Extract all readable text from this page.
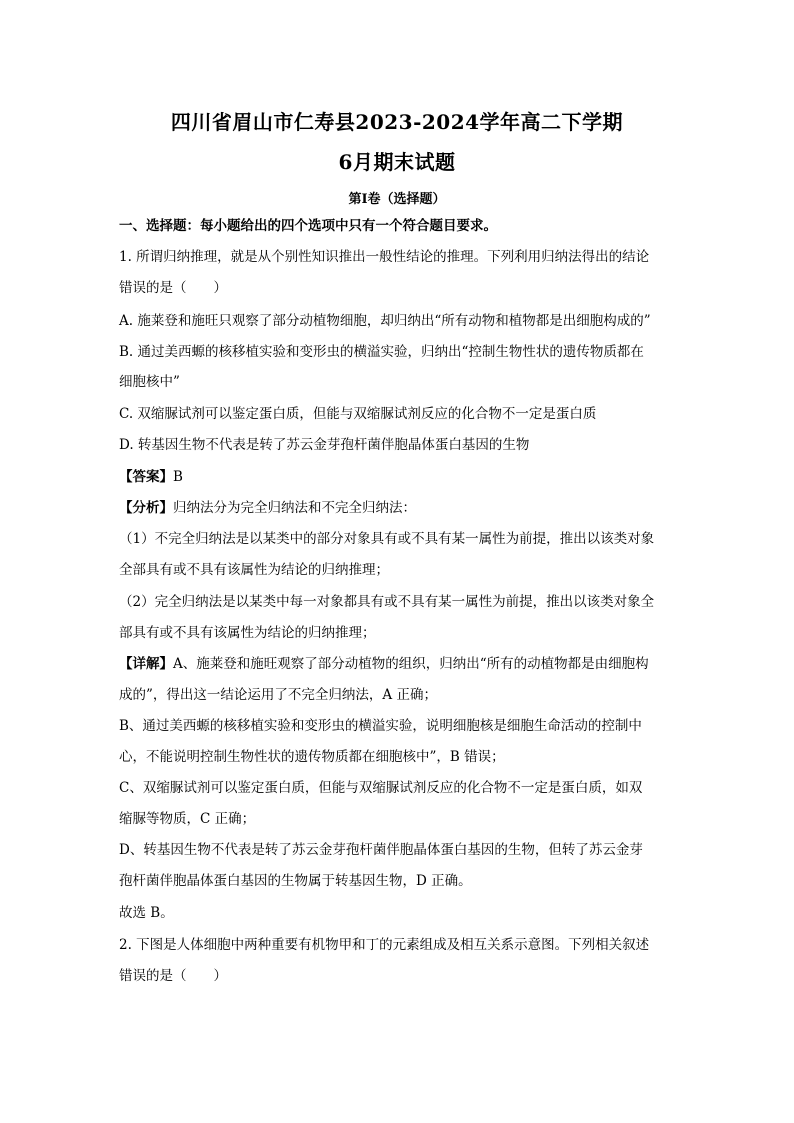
四川省眉山市仁寿县2023-2024学年高二下学期
6月期末试题
第Ⅰ卷（选择题）
一、选择题：每小题给出的四个选项中只有一个符合题目要求。
1. 所谓归纳推理，就是从个别性知识推出一般性结论的推理。下列利用归纳法得出的结论
错误的是（　　）
A. 施莱登和施旺只观察了部分动植物细胞，却归纳出“所有动物和植物都是出细胞构成的”
B. 通过美西螈的核移植实验和变形虫的横溢实验，归纳出“控制生物性状的遗传物质都在
细胞核中”
C. 双缩脲试剂可以鉴定蛋白质，但能与双缩脲试剂反应的化合物不一定是蛋白质
D. 转基因生物不代表是转了苏云金芽孢杆菌伴胞晶体蛋白基因的生物
【答案】B
【分析】归纳法分为完全归纳法和不完全归纳法：
（1）不完全归纳法是以某类中的部分对象具有或不具有某一属性为前提，推出以该类对象
全部具有或不具有该属性为结论的归纳推理；
（2）完全归纳法是以某类中每一对象都具有或不具有某一属性为前提，推出以该类对象全
部具有或不具有该属性为结论的归纳推理；
【详解】A、施莱登和施旺观察了部分动植物的组织，归纳出“所有的动植物都是由细胞构
成的”，得出这一结论运用了不完全归纳法，A 正确；
B、通过美西螈的核移植实验和变形虫的横溢实验，说明细胞核是细胞生命活动的控制中
心，不能说明控制生物性状的遗传物质都在细胞核中”，B 错误；
C、双缩脲试剂可以鉴定蛋白质，但能与双缩脲试剂反应的化合物不一定是蛋白质，如双
缩脲等物质，C 正确；
D、转基因生物不代表是转了苏云金芽孢杆菌伴胞晶体蛋白基因的生物，但转了苏云金芽
孢杆菌伴胞晶体蛋白基因的生物属于转基因生物，D 正确。
故选 B。
2. 下图是人体细胞中两种重要有机物甲和丁的元素组成及相互关系示意图。下列相关叙述
错误的是（　　）
